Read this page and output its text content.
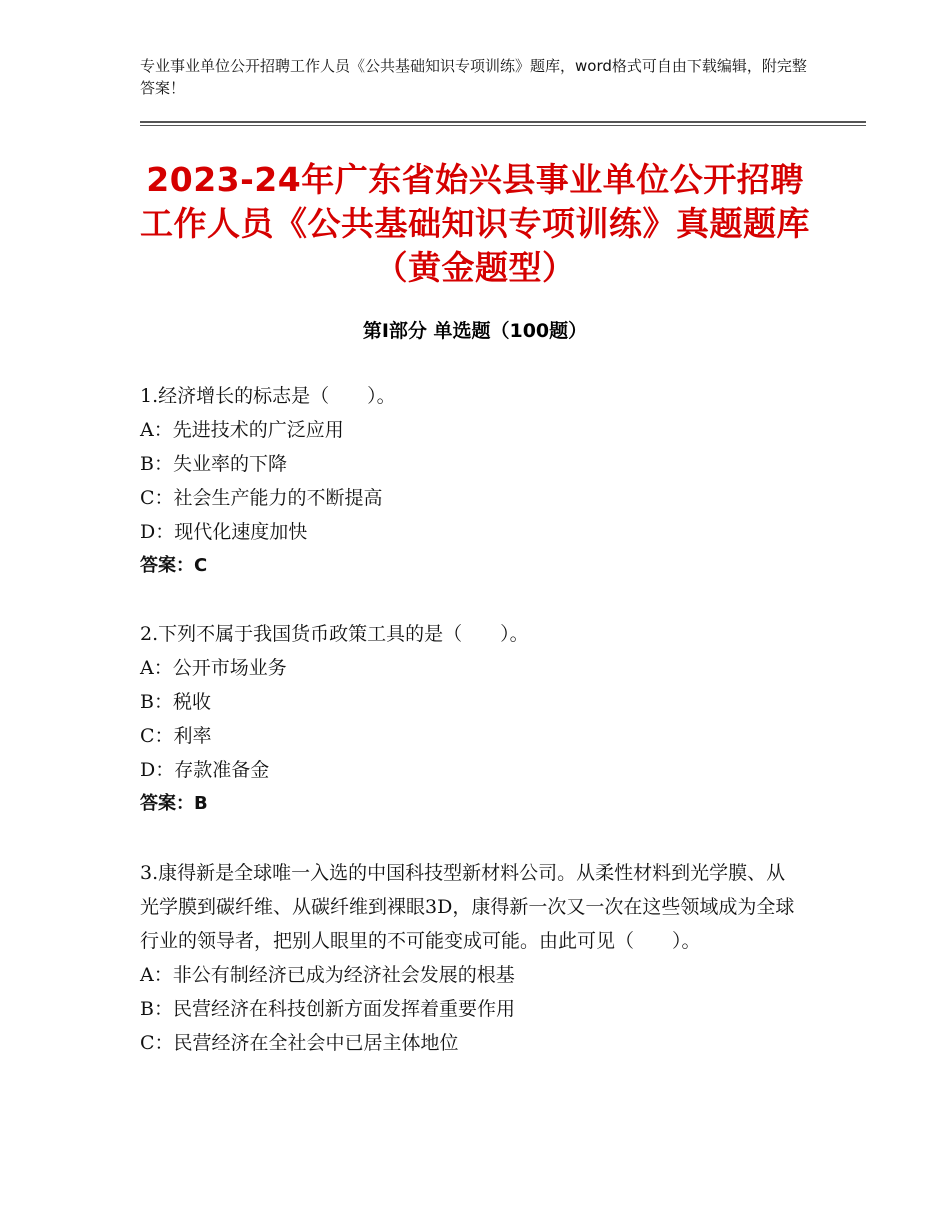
专业事业单位公开招聘工作人员《公共基础知识专项训练》题库，word格式可自由下载编辑，附完整答案！
2023-24年广东省始兴县事业单位公开招聘工作人员《公共基础知识专项训练》真题题库（黄金题型）
第Ⅰ部分 单选题（100题）
1.经济增长的标志是（　　）。
A：先进技术的广泛应用
B：失业率的下降
C：社会生产能力的不断提高
D：现代化速度加快
答案：C
2.下列不属于我国货币政策工具的是（　　）。
A：公开市场业务
B：税收
C：利率
D：存款准备金
答案：B
3.康得新是全球唯一入选的中国科技型新材料公司。从柔性材料到光学膜、从光学膜到碳纤维、从碳纤维到裸眼3D，康得新一次又一次在这些领域成为全球行业的领导者，把别人眼里的不可能变成可能。由此可见（　　）。
A：非公有制经济已成为经济社会发展的根基
B：民营经济在科技创新方面发挥着重要作用
C：民营经济在全社会中已居主体地位
